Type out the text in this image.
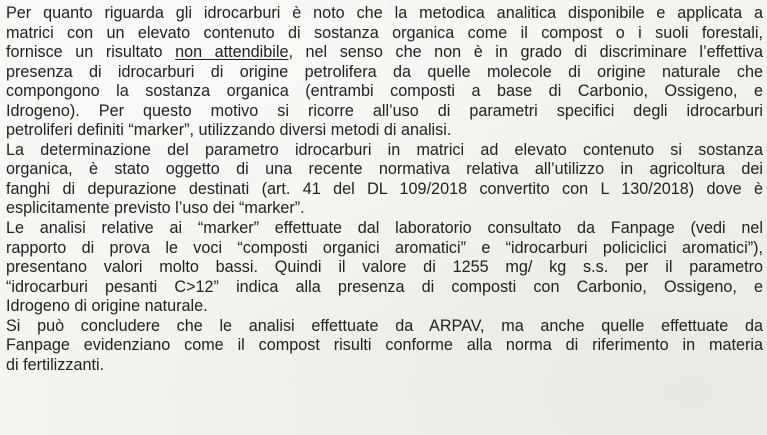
Per quanto riguarda gli idrocarburi è noto che la metodica analitica disponibile e applicata a
matrici con un elevato contenuto di sostanza organica come il compost o i suoli forestali,
fornisce un risultato non attendibile, nel senso che non è in grado di discriminare l’effettiva
presenza di idrocarburi di origine petrolifera da quelle molecole di origine naturale che
compongono la sostanza organica (entrambi composti a base di Carbonio, Ossigeno, e
Idrogeno). Per questo motivo si ricorre all’uso di parametri specifici degli idrocarburi
petroliferi definiti “marker”, utilizzando diversi metodi di analisi.
La determinazione del parametro idrocarburi in matrici ad elevato contenuto si sostanza
organica, è stato oggetto di una recente normativa relativa all’utilizzo in agricoltura dei
fanghi di depurazione destinati (art. 41 del DL 109/2018 convertito con L 130/2018) dove è
esplicitamente previsto l’uso dei “marker”.
Le analisi relative ai “marker” effettuate dal laboratorio consultato da Fanpage (vedi nel
rapporto di prova le voci “composti organici aromatici” e “idrocarburi policiclici aromatici”),
presentano valori molto bassi. Quindi il valore di 1255 mg/ kg s.s. per il parametro
“idrocarburi pesanti C>12” indica alla presenza di composti con Carbonio, Ossigeno, e
Idrogeno di origine naturale.
Si può concludere che le analisi effettuate da ARPAV, ma anche quelle effettuate da
Fanpage evidenziano come il compost risulti conforme alla norma di riferimento in materia
di fertilizzanti.
